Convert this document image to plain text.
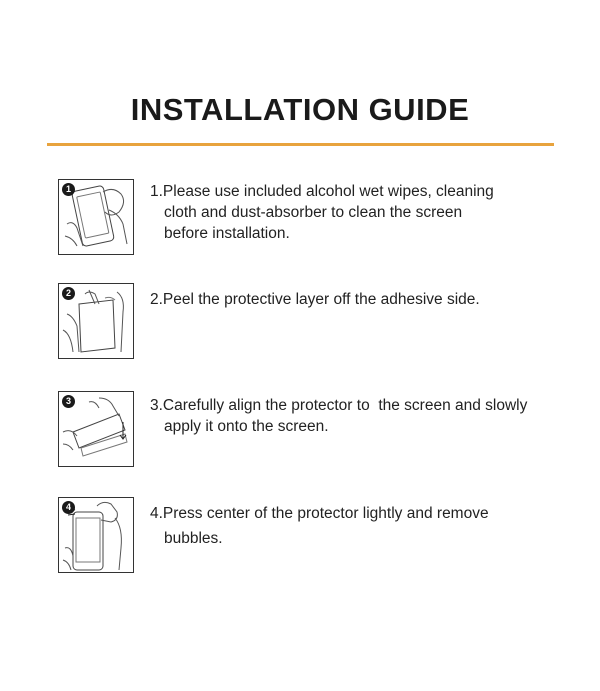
INSTALLATION GUIDE
1	1.Please use included alcohol wet wipes, cleaning
cloth and dust-absorber to clean the screen
before installation.
2	2.Peel the protective layer off the adhesive side.
3	3.Carefully align the protector to  the screen and slowly
apply it onto the screen.
4	4.Press center of the protector lightly and remove
bubbles.
